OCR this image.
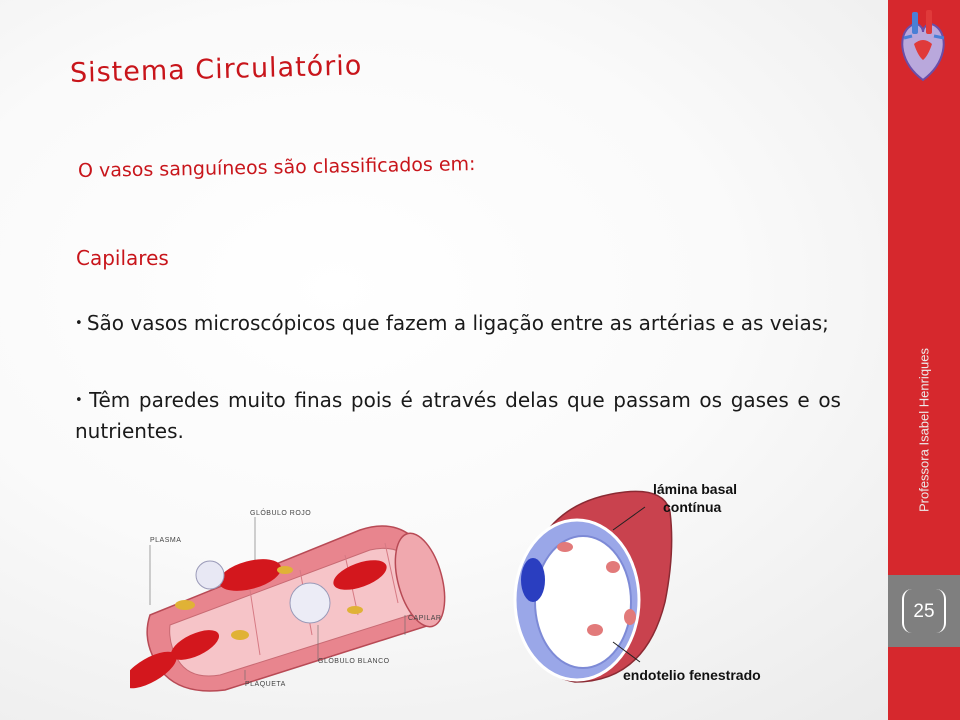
Sistema Circulatório

O vasos sanguíneos são classificados em:

Capilares
• São vasos microscópicos que fazem a ligação entre as artérias e as veias;
• Têm paredes muito finas pois é através delas que passam os gases e os nutrientes.
GLÓBULO ROJO
PLASMA
CAPILAR
GLÓBULO BLANCO
PLAQUETA
lámina basal
contínua
endotelio fenestrado
25
Professora Isabel Henriques
